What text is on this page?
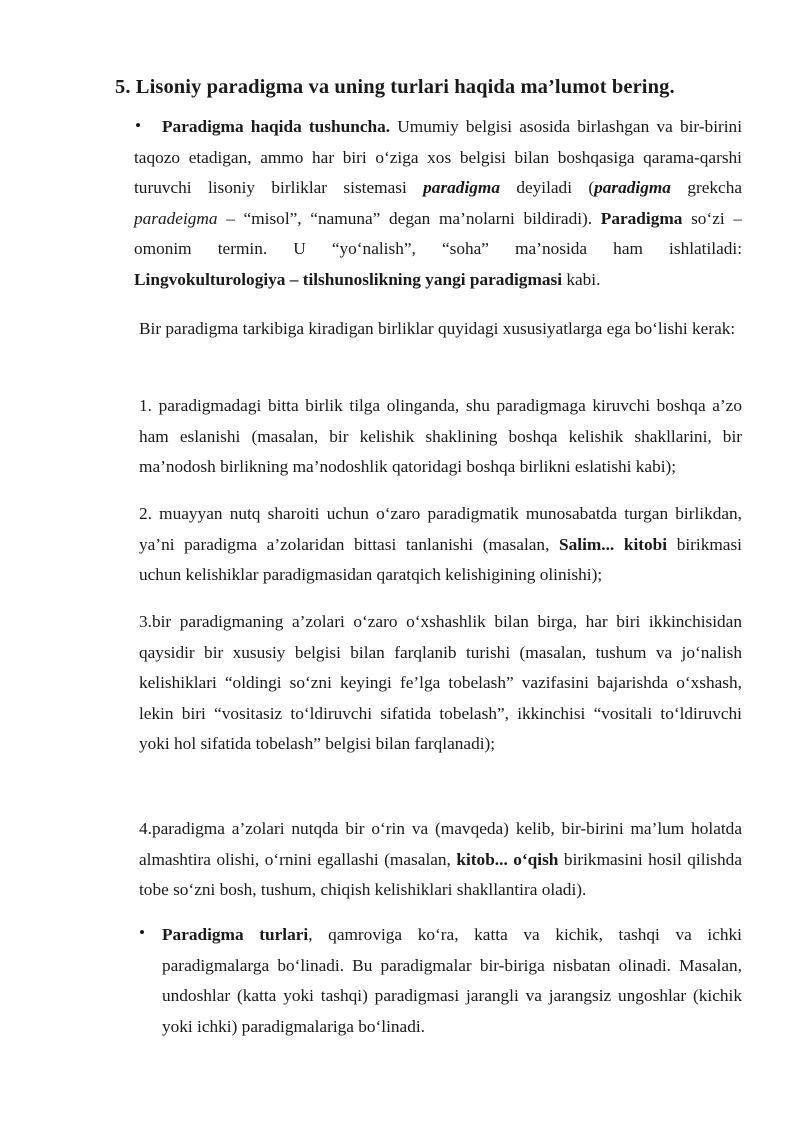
5. Lisoniy paradigma va uning turlari haqida ma’lumot bering.
•	Paradigma haqida tushuncha. Umumiy belgisi asosida birlashgan va bir-birini taqozo etadigan, ammo har biri o‘ziga xos belgisi bilan boshqasiga qarama-qarshi turuvchi lisoniy birliklar sistemasi paradigma deyiladi (paradigma grekcha paradeigma – “misol”, “namuna” degan ma’nolarni bildiradi). Paradigma so‘zi – omonim termin. U “yo‘nalish”, “soha” ma’nosida ham ishlatiladi: Lingvokulturologiya – tilshunoslikning yangi paradigmasi kabi.

Bir paradigma tarkibiga kiradigan birliklar quyidagi xususiyatlarga ega bo‘lishi kerak:

1. paradigmadagi bitta birlik tilga olinganda, shu paradigmaga kiruvchi boshqa a’zo ham eslanishi (masalan, bir kelishik shaklining boshqa kelishik shakllarini, bir ma’nodosh birlikning ma’nodoshlik qatoridagi boshqa birlikni eslatishi kabi);

2. muayyan nutq sharoiti uchun o‘zaro paradigmatik munosabatda turgan birlikdan, ya’ni paradigma a’zolaridan bittasi tanlanishi (masalan, Salim... kitobi birikmasi uchun kelishiklar paradigmasidan qaratqich kelishigining olinishi);

3.bir paradigmaning a’zolari o‘zaro o‘xshashlik bilan birga, har biri ikkinchisidan qaysidir bir xususiy belgisi bilan farqlanib turishi (masalan, tushum va jo‘nalish kelishiklari “oldingi so‘zni keyingi fe’lga tobelash” vazifasini bajarishda o‘xshash, lekin biri “vositasiz to‘ldiruvchi sifatida tobelash”, ikkinchisi “vositali to‘ldiruvchi yoki hol sifatida tobelash” belgisi bilan farqlanadi);

4.paradigma a’zolari nutqda bir o‘rin va (mavqeda) kelib, bir-birini ma’lum holatda almashtira olishi, o‘rnini egallashi (masalan, kitob... o‘qish birikmasini hosil qilishda tobe so‘zni bosh, tushum, chiqish kelishiklari shakllantira oladi).

• Paradigma turlari, qamroviga ko‘ra, katta va kichik, tashqi va ichki paradigmalarga bo‘linadi. Bu paradigmalar bir-biriga nisbatan olinadi. Masalan, undoshlar (katta yoki tashqi) paradigmasi jarangli va jarangsiz ungoshlar (kichik yoki ichki) paradigmalariga bo‘linadi.
